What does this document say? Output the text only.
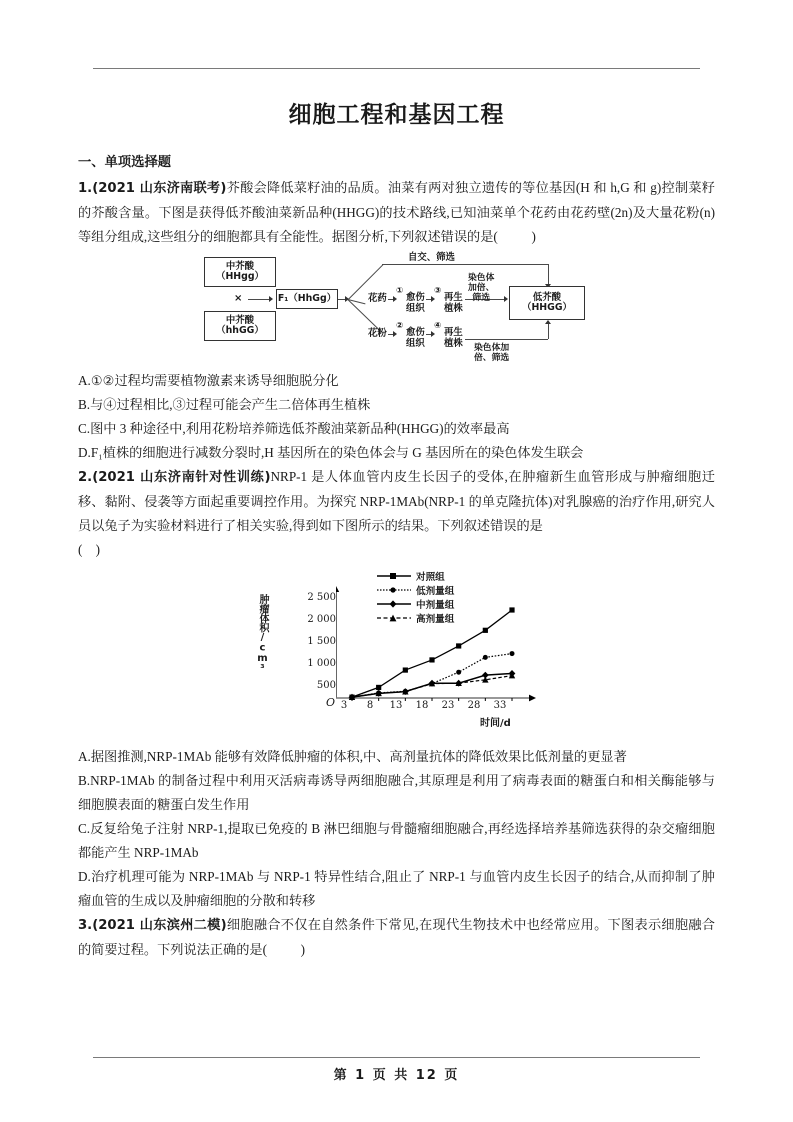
细胞工程和基因工程
一、单项选择题

1.(2021 山东济南联考)芥酸会降低菜籽油的品质。油菜有两对独立遗传的等位基因(H 和 h,G 和 g)控制菜籽的芥酸含量。下图是获得低芥酸油菜新品种(HHGG)的技术路线,已知油菜单个花药由花药壁(2n)及大量花粉(n)等组分组成,这些组分的细胞都具有全能性。据图分析,下列叙述错误的是(	)

中芥酸
（HHgg）
中芥酸
（hhGG）
×	F₁（HhGg）
自交、筛选
花药
①
愈伤
组织
③
再生
植株
染色体
加倍、
筛选
花粉
②
愈伤
组织
④
再生
植株 染色体加
倍、筛选
低芥酸
（HHGG）

A.①②过程均需要植物激素来诱导细胞脱分化

B.与④过程相比,③过程可能会产生二倍体再生植株

C.图中 3 种途径中,利用花粉培养筛选低芥酸油菜新品种(HHGG)的效率最高

D.F₁植株的细胞进行减数分裂时,H 基因所在的染色体会与 G 基因所在的染色体发生联会

2.(2021 山东济南针对性训练)NRP-1 是人体血管内皮生长因子的受体,在肿瘤新生血管形成与肿瘤细胞迁移、黏附、侵袭等方面起重要调控作用。为探究 NRP-1MAb(NRP-1 的单克隆抗体)对乳腺癌的治疗作用,研究人员以兔子为实验材料进行了相关实验,得到如下图所示的结果。下列叙述错误的是
(　)

肿瘤体积/cm³	2 500
2 000
1 500
1 000
500
O
对照组
低剂量组
中剂量组
高剂量组
3	8	13	18	23	28	33
时间/d

A.据图推测,NRP-1MAb 能够有效降低肿瘤的体积,中、高剂量抗体的降低效果比低剂量的更显著

B.NRP-1MAb 的制备过程中利用灭活病毒诱导两细胞融合,其原理是利用了病毒表面的糖蛋白和相关酶能够与细胞膜表面的糖蛋白发生作用

C.反复给兔子注射 NRP-1,提取已免疫的 B 淋巴细胞与骨髓瘤细胞融合,再经选择培养基筛选获得的杂交瘤细胞都能产生 NRP-1MAb

D.治疗机理可能为 NRP-1MAb 与 NRP-1 特异性结合,阻止了 NRP-1 与血管内皮生长因子的结合,从而抑制了肿瘤血管的生成以及肿瘤细胞的分散和转移

3.(2021 山东滨州二模)细胞融合不仅在自然条件下常见,在现代生物技术中也经常应用。下图表示细胞融合的简要过程。下列说法正确的是(	)

第 1 页 共 12 页
